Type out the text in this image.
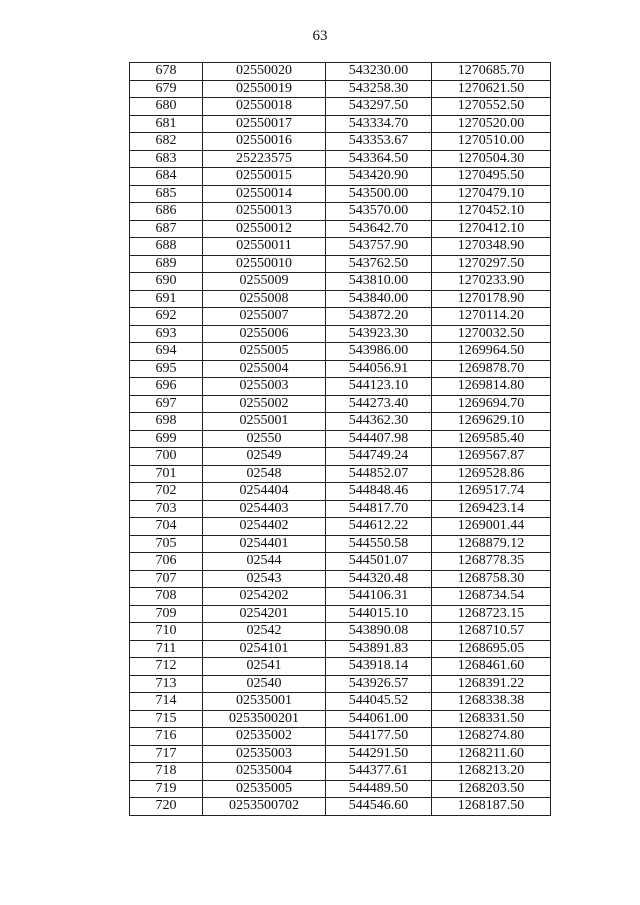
63
678	02550020	543230.00	1270685.70
679	02550019	543258.30	1270621.50
680	02550018	543297.50	1270552.50
681	02550017	543334.70	1270520.00
682	02550016	543353.67	1270510.00
683	25223575	543364.50	1270504.30
684	02550015	543420.90	1270495.50
685	02550014	543500.00	1270479.10
686	02550013	543570.00	1270452.10
687	02550012	543642.70	1270412.10
688	02550011	543757.90	1270348.90
689	02550010	543762.50	1270297.50
690	0255009	543810.00	1270233.90
691	0255008	543840.00	1270178.90
692	0255007	543872.20	1270114.20
693	0255006	543923.30	1270032.50
694	0255005	543986.00	1269964.50
695	0255004	544056.91	1269878.70
696	0255003	544123.10	1269814.80
697	0255002	544273.40	1269694.70
698	0255001	544362.30	1269629.10
699	02550	544407.98	1269585.40
700	02549	544749.24	1269567.87
701	02548	544852.07	1269528.86
702	0254404	544848.46	1269517.74
703	0254403	544817.70	1269423.14
704	0254402	544612.22	1269001.44
705	0254401	544550.58	1268879.12
706	02544	544501.07	1268778.35
707	02543	544320.48	1268758.30
708	0254202	544106.31	1268734.54
709	0254201	544015.10	1268723.15
710	02542	543890.08	1268710.57
711	0254101	543891.83	1268695.05
712	02541	543918.14	1268461.60
713	02540	543926.57	1268391.22
714	02535001	544045.52	1268338.38
715	0253500201	544061.00	1268331.50
716	02535002	544177.50	1268274.80
717	02535003	544291.50	1268211.60
718	02535004	544377.61	1268213.20
719	02535005	544489.50	1268203.50
720	0253500702	544546.60	1268187.50
